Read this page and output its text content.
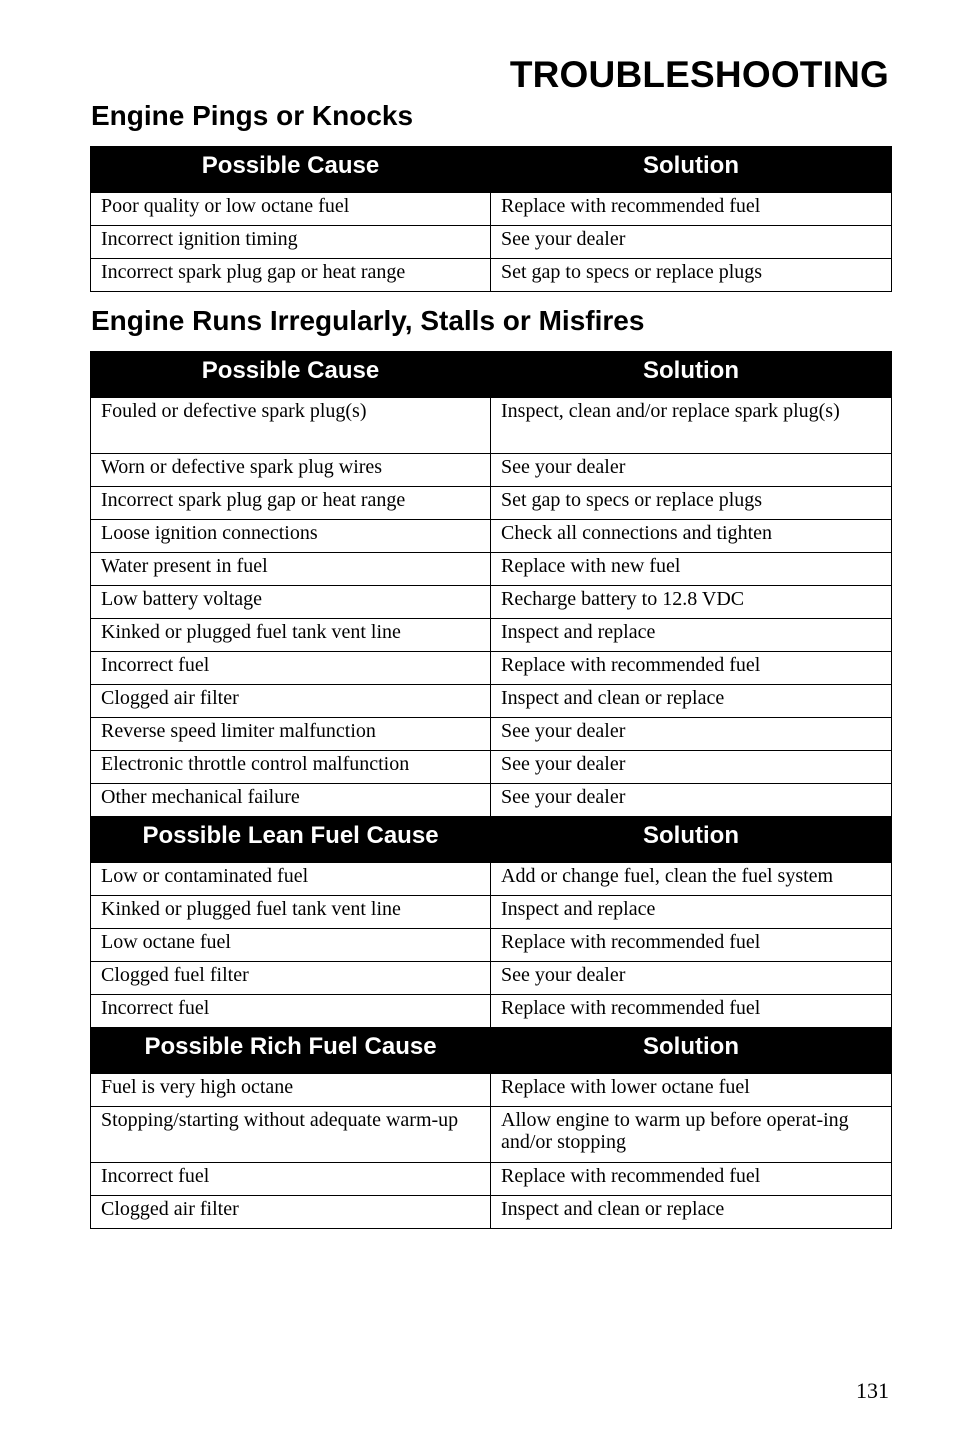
TROUBLESHOOTING
Engine Pings or Knocks
Possible Cause	Solution
Poor quality or low octane fuel	Replace with recommended fuel
Incorrect ignition timing	See your dealer
Incorrect spark plug gap or heat range	Set gap to specs or replace plugs
Engine Runs Irregularly, Stalls or Misfires
Possible Cause	Solution
Fouled or defective spark plug(s)	Inspect, clean and/or replace spark plug(s)
Worn or defective spark plug wires	See your dealer
Incorrect spark plug gap or heat range	Set gap to specs or replace plugs
Loose ignition connections	Check all connections and tighten
Water present in fuel	Replace with new fuel
Low battery voltage	Recharge battery to 12.8 VDC
Kinked or plugged fuel tank vent line	Inspect and replace
Incorrect fuel	Replace with recommended fuel
Clogged air filter	Inspect and clean or replace
Reverse speed limiter malfunction	See your dealer
Electronic throttle control malfunction	See your dealer
Other mechanical failure	See your dealer
Possible Lean Fuel Cause	Solution
Low or contaminated fuel	Add or change fuel, clean the fuel system
Kinked or plugged fuel tank vent line	Inspect and replace
Low octane fuel	Replace with recommended fuel
Clogged fuel filter	See your dealer
Incorrect fuel	Replace with recommended fuel
Possible Rich Fuel Cause	Solution
Fuel is very high octane	Replace with lower octane fuel
Stopping/starting without adequate warm-up	Allow engine to warm up before operat-ing and/or stopping
Incorrect fuel	Replace with recommended fuel
Clogged air filter	Inspect and clean or replace
131
